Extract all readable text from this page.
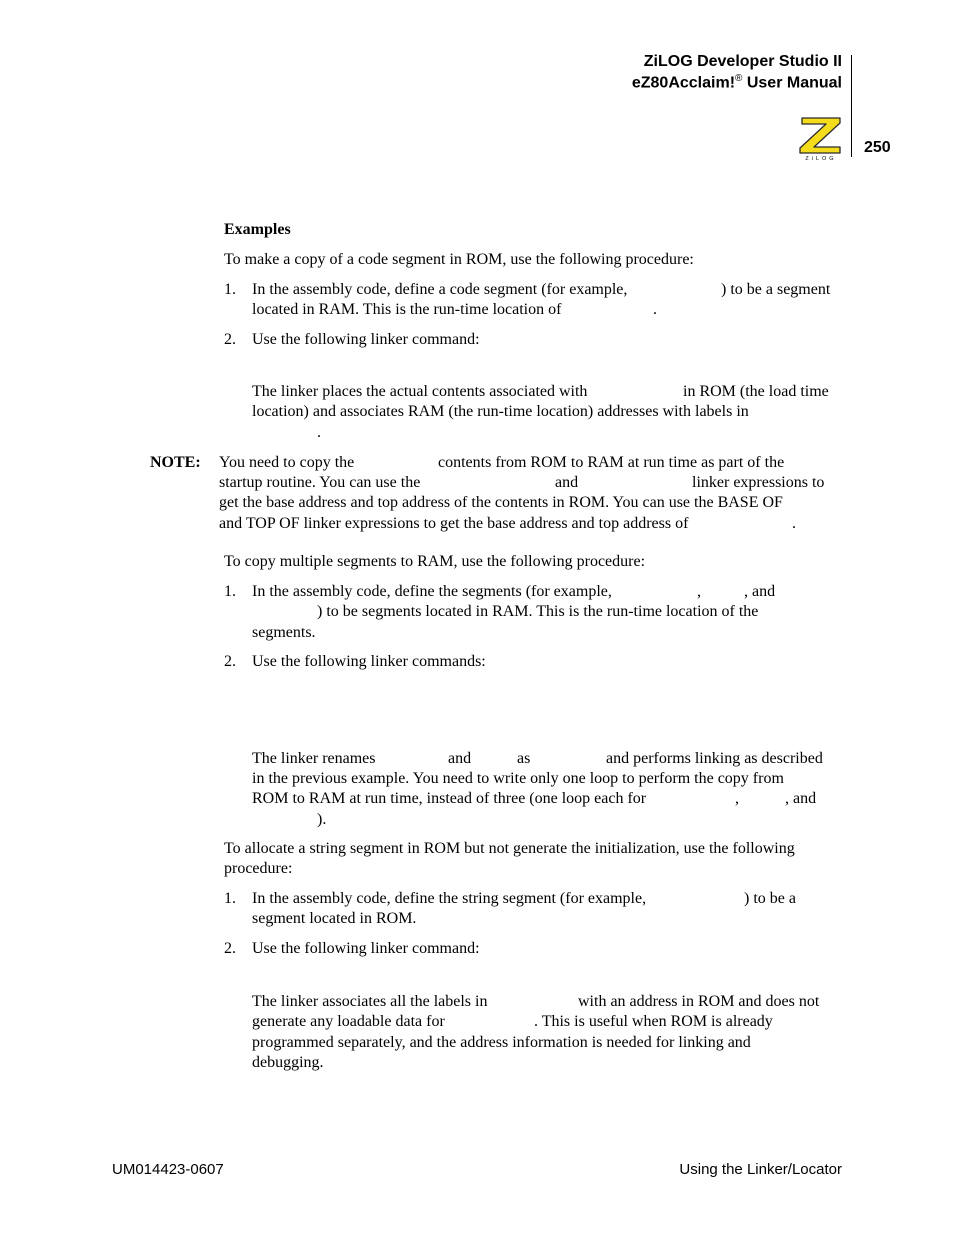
ZiLOG Developer Studio II
eZ80Acclaim!® User Manual
250
ZiLOG
Examples
To make a copy of a code segment in ROM, use the following procedure:
1. In the assembly code, define a code segment (for example,	) to be a segment
located in RAM. This is the run-time location of	.
2. Use the following linker command:
The linker places the actual contents associated with	in ROM (the load time
location) and associates RAM (the run-time location) addresses with labels in
.
NOTE: You need to copy the	contents from ROM to RAM at run time as part of the
startup routine. You can use the	and	linker expressions to
get the base address and top address of the contents in ROM. You can use the BASE OF
and TOP OF linker expressions to get the base address and top address of	.
To copy multiple segments to RAM, use the following procedure:
1. In the assembly code, define the segments (for example,	,	, and
) to be segments located in RAM. This is the run-time location of the
segments.
2. Use the following linker commands:
The linker renames	and	as	and performs linking as described
in the previous example. You need to write only one loop to perform the copy from
ROM to RAM at run time, instead of three (one loop each for	,	, and
).
To allocate a string segment in ROM but not generate the initialization, use the following
procedure:
1. In the assembly code, define the string segment (for example,	) to be a
segment located in ROM.
2. Use the following linker command:
The linker associates all the labels in	with an address in ROM and does not
generate any loadable data for	. This is useful when ROM is already
programmed separately, and the address information is needed for linking and
debugging.
UM014423-0607	Using the Linker/Locator
